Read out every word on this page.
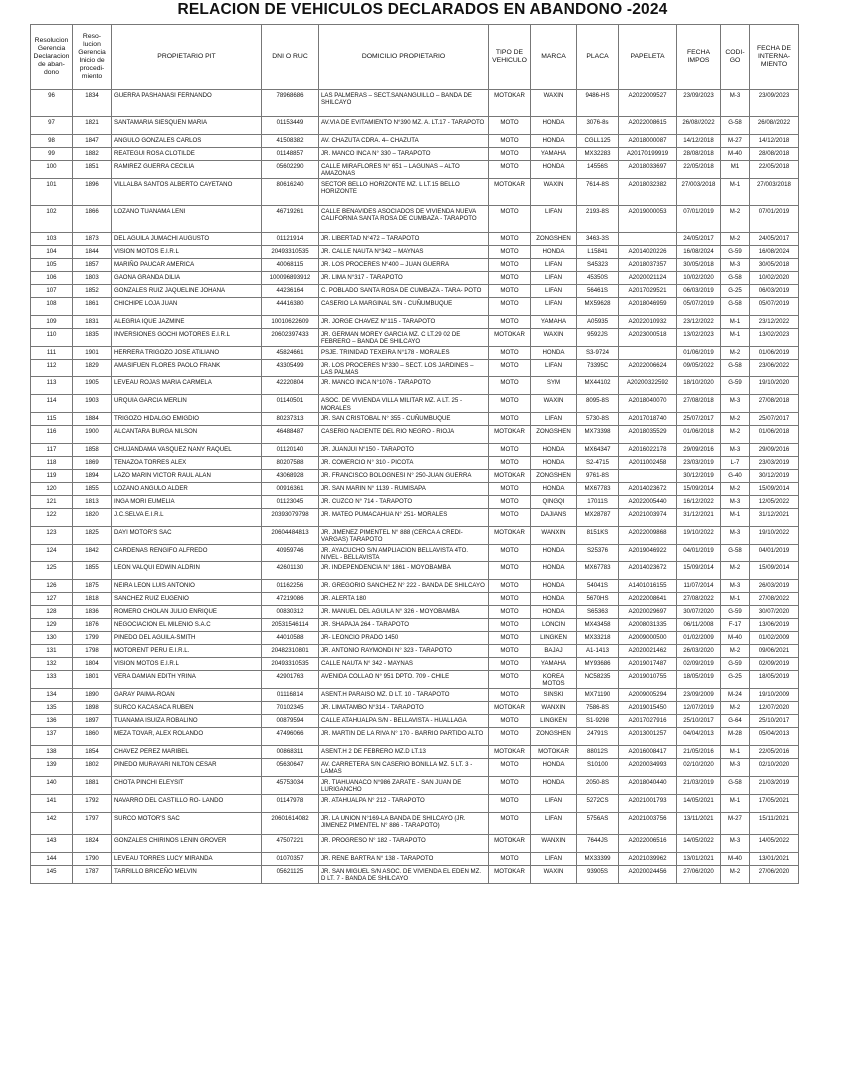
RELACION DE VEHICULOS DECLARADOS EN ABANDONO -2024
Resolucion Gerencia Declaracion de aban- dono	Reso- lucion Gerencia Inicio de procedi- miento	PROPIETARIO PIT	DNI O RUC	DOMICILIO PROPIETARIO	TIPO DE VEHICULO	MARCA	PLACA	PAPELETA	FECHA IMPOS	CODI- GO	FECHA DE INTERNA- MIENTO
96	1834	GUERRA PASHANASI FERNANDO	78968686	LAS PALMERAS – SECT.SANANGUILLO – BANDA DE SHILCAYO	MOTOKAR	WAXIN	9486-HS	A2022009527	23/09/2023	M-3	23/09/2023
97	1821	SANTAMARIA SIESQUEN MARIA	01153449	AV.VIA DE EVITAMIENTO N°390 MZ. A. LT.17 - TARAPOTO	MOTO	HONDA	3076-8s	A2022008615	26/08//2022	G-58	26/08//2022
98	1847	ANGULO GONZALES CARLOS	41508382	AV. CHAZUTA CDRA. 4– CHAZUTA	MOTO	HONDA	CGLL125	A2018000087	14/12/2018	M-27	14/12/2018
99	1882	REATEGUI ROSA CLOTILDE	01148857	JR. MANCO INCA N° 330 – TARAPOTO	MOTO	YAMAHA	MX32283	A20170199919	28/08/2018	M-40	28/08/2018
100	1851	RAMIREZ GUERRA CECILIA	05602290	CALLE MIRAFLORES N° 651 – LAGUNAS – ALTO AMAZONAS	MOTO	HONDA	14556S	A2018033697	22/05/2018	M1	22/05/2018
101	1896	VILLALBA SANTOS ALBERTO CAYETANO	80616240	SECTOR BELLO HORIZONTE MZ. L LT.15 BELLO HORIZONTE	MOTOKAR	WAXIN	7614-8S	A2018032382	27/003/2018	M-1	27/003/2018
102	1866	LOZANO TUANAMA LENI	46719261	CALLE BENAVIDES ASOCIADOS DE VIVIENDA NUEVA CALIFORNIA SANTA ROSA DE CUMBAZA - TARAPOTO	MOTO	LIFAN	2193-8S	A2019000053	07/01/2019	M-2	07/01/2019
103	1873	DEL AGUILA JUMACHI AUGUSTO	01121914	JR. LIBERTAD N°472 – TARAPOTO	MOTO	ZONGSHEN	3463-3S		24/05/2017	M-2	24/05/2017
104	1844	VISION MOTOS E.I.R.L	20493310535	JR. CALLE NAUTA N°342 – MAYNAS	MOTO	HONDA	L15841	A2014020226	16/08/2024	G-59	16/08/2024
105	1857	MARIÑO PAUCAR AMERICA	40068115	JR. LOS PROCERES N°400 – JUAN GUERRA	MOTO	LIFAN	S45323	A2018037357	30/05/2018	M-3	30/05/2018
106	1803	GAONA GRANDA DILIA	100096893912	JR. LIMA N°317 - TARAPOTO	MOTO	LIFAN	45350S	A2020021124	10/02/2020	G-58	10/02/2020
107	1852	GONZALES RUIZ JAQUELINE JOHANA	44236164	C. POBLADO SANTA ROSA DE CUMBAZA - TARA- POTO	MOTO	LIFAN	56461S	A2017029521	06/03/2019	G-25	06/03/2019
108	1861	CHICHIPE LOJA JUAN	44416380	CASERIO LA MARGINAL S/N - CUÑUMBUQUE	MOTO	LIFAN	MX59628	A2018046959	05/07/2019	G-58	05/07/2019
109	1831	ALEGRIA IQUE JAZMINE	10010622609	JR. JORGE CHAVEZ N°115 - TARAPOTO	MOTO	YAMAHA	A05935	A2022010932	23/12/2022	M-1	23/12/2022
110	1835	INVERSIONES GOCHI MOTORES E.I.R.L	20602397433	JR. GERMAN MOREY GARCIA MZ. C LT.29 02 DE FEBRERO – BANDA DE SHILCAYO	MOTOKAR	WAXIN	9592JS	A2023000518	13/02/2023	M-1	13/02/2023
111	1901	HERRERA TRIGOZO JOSE ATILIANO	45824661	PSJE. TRINIDAD TEXEIRA N°178 - MORALES	MOTO	HONDA	S3-9724		01/06/2019	M-2	01/06/2019
112	1829	AMASIFUEN FLORES PAOLO FRANK	43305499	JR. LOS PROCERES N°330 – SECT. LOS JARDINES – LAS PALMAS	MOTO	LIFAN	73395C	A2022006624	09/05/2022	G-58	23/06/2022
113	1905	LEVEAU ROJAS MARIA CARMELA	42220804	JR. MANCO INCA N°1076 - TARAPOTO	MOTO	SYM	MX44102	A20200322592	18/10/2020	G-59	19/10/2020
114	1903	URQUIA GARCIA MERLIN	01140501	ASOC. DE VIVIENDA VILLA MILITAR MZ. A LT. 25 -MORALES	MOTO	WAXIN	8095-8S	A2018040070	27/08/2018	M-3	27/08/2018
115	1884	TRIGOZO HIDALGO EMIGDIO	80237313	JR. SAN CRISTOBAL N° 355 - CUÑUMBUQUE	MOTO	LIFAN	5730-8S	A2017018740	25/07/2017	M-2	25/07/2017
116	1900	ALCANTARA BURGA NILSON	46488487	CASERIO NACIENTE DEL RIO NEGRO - RIOJA	MOTOKAR	ZONGSHEN	MX73398	A2018035529	01/06/2018	M-2	01/06/2018
117	1858	CHUJANDAMA VASQUEZ NANY RAQUEL	01120140	JR. JUANJUI N°150 - TARAPOTO	MOTO	HONDA	MX64347	A2016022178	29/09/2016	M-3	29/09/2016
118	1869	TENAZOA TORRES ALEX	80207588	JR. COMERCIO N° 310 - PICOTA	MOTO	HONDA	S2-4715	A2011002458	23/03/2019	L-7	23/03/2019
119	1894	LAZO MARIN VICTOR RAUL ALAN	43068928	JR. FRANCISCO BOLOGNESI N° 250-JUAN GUERRA	MOTOKAR	ZONGSHEN	9761-8S		30/12/2019	G-40	30/12/2019
120	1855	LOZANO ANGULO ALDER	00916361	JR. SAN MARIN N° 1139 - RUMISAPA	MOTO	HONDA	MX67783	A2014023672	15/09/2014	M-2	15/09/2014
121	1813	INGA MORI EUMELIA	01123045	JR. CUZCO N° 714 - TARAPOTO	MOTO	QINGQI	17011S	A2022005440	16/12/2022	M-3	12/05/2022
122	1820	J.C.SELVA E.I.R.L	20393079798	JR. MATEO PUMACAHUA N° 251- MORALES	MOTO	DAJIANS	MX28787	A2021003974	31/12/2021	M-1	31/12/2021
123	1825	DAYI MOTOR'S SAC	20604484813	JR. JIMENEZ PIMENTEL N° 888 (CERCA A CREDI- VARGAS) TARAPOTO	MOTOKAR	WANXIN	8151KS	A2022009868	19/10/2022	M-3	19/10/2022
124	1842	CARDENAS RENGIFO ALFREDO	40959746	JR. AYACUCHO S/N AMPLIACION BELLAVISTA 4TO. NIVEL - BELLAVISTA	MOTO	HONDA	S25376	A2019046922	04/01/2019	G-58	04/01/2019
125	1855	LEON VALQUI EDWIN ALDRIN	42601130	JR. INDEPENDENCIA N° 1861 - MOYOBAMBA	MOTO	HONDA	MX67783	A2014023672	15/09/2014	M-2	15/09/2014
126	1875	NEIRA LEON LUIS ANTONIO	01162256	JR. GREGORIO SANCHEZ N° 222 - BANDA DE SHILCAYO	MOTO	HONDA	54041S	A1401016155	11/07/2014	M-3	26/03/2019
127	1818	SANCHEZ RUIZ EUGENIO	47219086	JR. ALERTA 180	MOTO	HONDA	5670HS	A2022008641	27/08/2022	M-1	27/08/2022
128	1836	ROMERO CHOLAN JULIO ENRIQUE	00830312	JR. MANUEL DEL AGUILA N° 326 - MOYOBAMBA	MOTO	HONDA	S65363	A2020029697	30/07/2020	G-59	30/07/2020
129	1876	NEGOCIACION EL MILENIO S.A.C	20531546114	JR. SHAPAJA 264 - TARAPOTO	MOTO	LONCIN	MX43458	A2008031335	06/11/2008	F-17	13/06/2019
130	1799	PINEDO DEL AGUILA-SMITH	44010588	JR- LEONCIO PRADO 1450	MOTO	LINGKEN	MX33218	A2009000500	01/02/2009	M-40	01/02/2009
131	1798	MOTORENT PERU E.I.R.L.	20482310801	JR. ANTONIO RAYMONDI N° 323 - TARAPOTO	MOTO	BAJAJ	A1-1413	A2020021462	26/03/2020	M-2	09/06/2021
132	1804	VISION MOTOS E.I.R.L	20493310535	CALLE NAUTA N° 342 - MAYNAS	MOTO	YAMAHA	MY93686	A2019017487	02/09/2019	G-59	02/09/2019
133	1801	VERA DAMIAN EDITH YRINA	42901763	AVENIDA COLLAO N° 951 DPTO. 709 - CHILE	MOTO	KOREA MOTOS	NC58235	A2019010755	18/05/2019	G-25	18/05/2019
134	1890	GARAY PAIMA-ROAN	01116814	ASENT.H PARAISO MZ. D LT. 10 - TARAPOTO	MOTO	SINSKI	MX71190	A2009005294	23/09/2009	M-24	19/10/2009
135	1898	SURCO KACASACA RUBEN	70102345	JR. LIMATAMBO N°314 - TARAPOTO	MOTOKAR	WANXIN	7586-8S	A2019015450	12/07/2019	M-2	12/07/2020
136	1897	TUANAMA ISUIZA ROBALINO	00879594	CALLE ATAHUALPA S/N - BELLAVISTA - HUALLAGA	MOTO	LINGKEN	S1-9298	A2017027916	25/10/2017	G-64	25/10/2017
137	1860	MEZA TOVAR, ALEX ROLANDO	47496066	JR. MARTIN DE LA RIVA N° 170 - BARRIO PARTIDO ALTO	MOTO	ZONGSHEN	24791S	A2013001257	04/04/2013	M-28	05/04/2013
138	1854	CHAVEZ PEREZ MARIBEL	00868311	ASENT.H 2 DE FEBRERO MZ.D LT.13	MOTOKAR	MOTOKAR	88012S	A2016008417	21/05/2016	M-1	22/05/2016
139	1802	PINEDO MURAYARI NILTON CESAR	05630647	AV. CARRETERA S/N CASERIO BONILLA MZ. 5 LT. 3 - LAMAS	MOTO	HONDA	S10100	A2020034993	02/10/2020	M-3	02/10/2020
140	1881	CHOTA PINCHI ELEYSIT	45753034	JR. TIAHUANACO N°986 ZARATE - SAN JUAN DE LURIGANCHO	MOTO	HONDA	2050-8S	A2018040440	21/03/2019	G-58	21/03/2019
141	1792	NAVARRO DEL CASTILLO RO- LANDO	01147978	JR. ATAHUALPA N° 212 - TARAPOTO	MOTO	LIFAN	5272CS	A2021001793	14/05/2021	M-1	17/05/2021
142	1797	SURCO MOTOR'S SAC	20601614082	JR. LA UNION N°169-LA BANDA DE SHILCAYO (JR. JIMENEZ PIMENTEL N° 886 - TARAPOTO)	MOTO	LIFAN	5756AS	A2021003756	13/11/2021	M-27	15/11/2021
143	1824	GONZALES CHIRINOS LENIN GROVER	47507221	JR. PROGRESO N° 182 - TARAPOTO	MOTOKAR	WANXIN	7644JS	A2022006516	14/05/2022	M-3	14/05/2022
144	1790	LEVEAU TORRES LUCY MIRANDA	01070357	JR. RENE BARTRA N° 138 - TARAPOTO	MOTO	LIFAN	MX33399	A2021039962	13/01/2021	M-40	13/01/2021
145	1787	TARRILLO BRICEÑO MELVIN	05621125	JR. SAN MIGUEL S/N ASOC. DE VIVIENDA EL EDEN MZ. D LT. 7 - BANDA DE SHILCAYO	MOTOKAR	WAXIN	93905S	A2020024456	27/06/2020	M-2	27/06/2020
